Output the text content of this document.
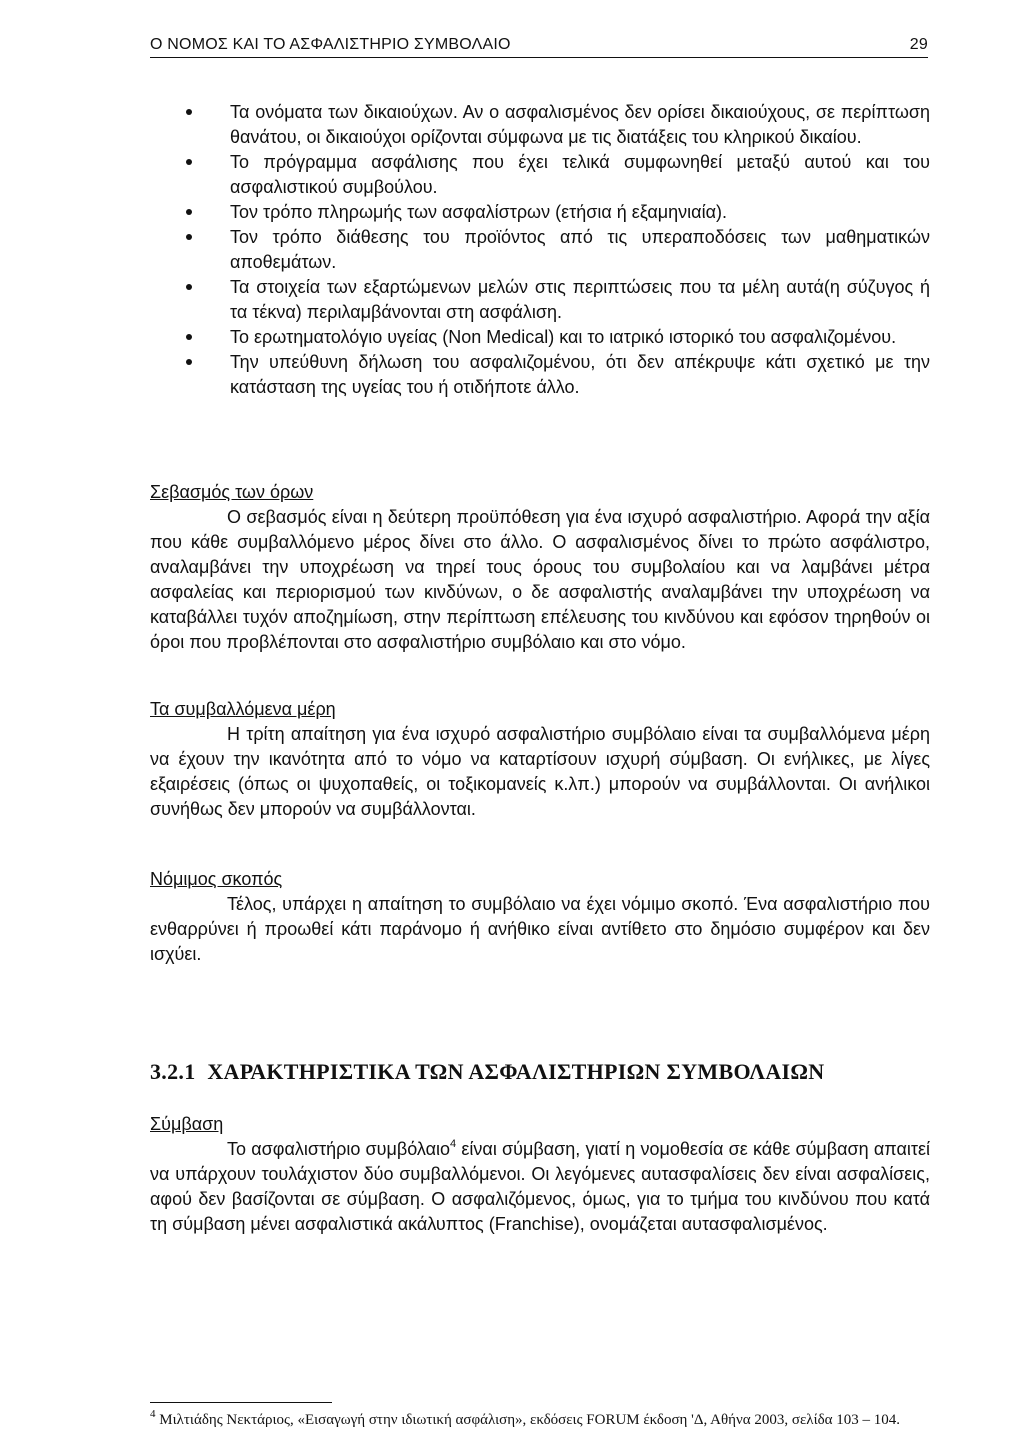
Ο ΝΟΜΟΣ ΚΑΙ ΤΟ ΑΣΦΑΛΙΣΤΗΡΙΟ ΣΥΜΒΟΛΑΙΟ	29
Τα ονόματα των δικαιούχων. Αν ο ασφαλισμένος δεν ορίσει δικαιούχους, σε περίπτωση θανάτου, οι δικαιούχοι ορίζονται σύμφωνα με τις διατάξεις του κληρικού δικαίου.
Το πρόγραμμα ασφάλισης που έχει τελικά συμφωνηθεί μεταξύ αυτού και του ασφαλιστικού συμβούλου.
Τον τρόπο πληρωμής των ασφαλίστρων (ετήσια ή εξαμηνιαία).
Τον τρόπο διάθεσης του προϊόντος από τις υπεραποδόσεις των μαθηματικών αποθεμάτων.
Τα στοιχεία των εξαρτώμενων μελών στις περιπτώσεις που τα μέλη αυτά(η σύζυγος ή τα τέκνα) περιλαμβάνονται στη ασφάλιση.
Το ερωτηματολόγιο υγείας (Non Medical) και το ιατρικό ιστορικό του ασφαλιζομένου.
Την υπεύθυνη δήλωση του ασφαλιζομένου, ότι δεν απέκρυψε κάτι σχετικό με την κατάσταση της υγείας του ή οτιδήποτε άλλο.
Σεβασμός των όρων

Ο σεβασμός είναι η δεύτερη προϋπόθεση για ένα ισχυρό ασφαλιστήριο. Αφορά την αξία που κάθε συμβαλλόμενο μέρος δίνει στο άλλο. Ο ασφαλισμένος δίνει το πρώτο ασφάλιστρο, αναλαμβάνει την υποχρέωση να τηρεί τους όρους του συμβολαίου και να λαμβάνει μέτρα ασφαλείας και περιορισμού των κινδύνων, ο δε ασφαλιστής αναλαμβάνει την υποχρέωση να καταβάλλει τυχόν αποζημίωση, στην περίπτωση επέλευσης του κινδύνου και εφόσον τηρηθούν οι όροι που προβλέπονται στο ασφαλιστήριο συμβόλαιο και στο νόμο.

Τα συμβαλλόμενα μέρη

Η τρίτη απαίτηση για ένα ισχυρό ασφαλιστήριο συμβόλαιο είναι τα συμβαλλόμενα μέρη να έχουν την ικανότητα από το νόμο να καταρτίσουν ισχυρή σύμβαση. Οι ενήλικες, με λίγες εξαιρέσεις (όπως οι ψυχοπαθείς, οι τοξικομανείς κ.λπ.) μπορούν να συμβάλλονται. Οι ανήλικοι συνήθως δεν μπορούν να συμβάλλονται.

Νόμιμος σκοπός

Τέλος, υπάρχει η απαίτηση το συμβόλαιο να έχει νόμιμο σκοπό. Ένα ασφαλιστήριο που ενθαρρύνει ή προωθεί κάτι παράνομο ή ανήθικο είναι αντίθετο στο δημόσιο συμφέρον και δεν ισχύει.

3.2.1 ΧΑΡΑΚΤΗΡΙΣΤΙΚΑ ΤΩΝ ΑΣΦΑΛΙΣΤΗΡΙΩΝ ΣΥΜΒΟΛΑΙΩΝ
Σύμβαση

Το ασφαλιστήριο συμβόλαιο$^4$ είναι σύμβαση, γιατί η νομοθεσία σε κάθε σύμβαση απαιτεί να υπάρχουν τουλάχιστον δύο συμβαλλόμενοι. Οι λεγόμενες αυτασφαλίσεις δεν είναι ασφαλίσεις, αφού δεν βασίζονται σε σύμβαση. Ο ασφαλιζόμενος, όμως, για το τμήμα του κινδύνου που κατά τη σύμβαση μένει ασφαλιστικά ακάλυπτος (Franchise), ονομάζεται αυτασφαλισμένος.

$^4$ Μιλτιάδης Νεκτάριος, «Εισαγωγή στην ιδιωτική ασφάλιση», εκδόσεις FORUM έκδοση 'Δ, Αθήνα 2003, σελίδα 103 – 104.
